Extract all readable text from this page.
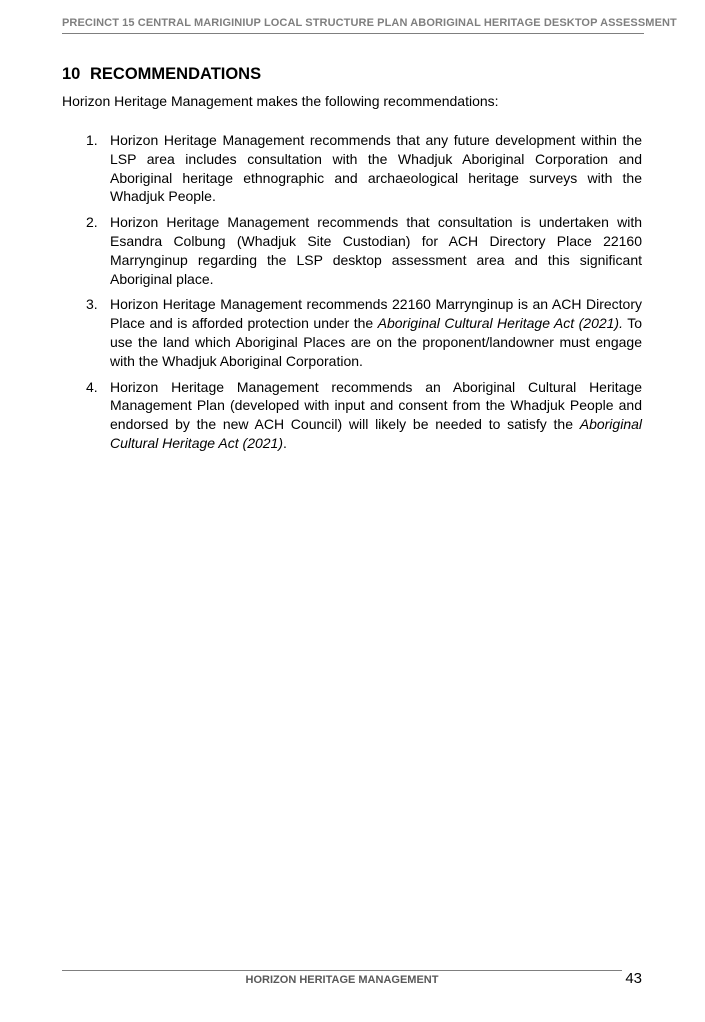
PRECINCT 15 CENTRAL MARIGINIUP LOCAL STRUCTURE PLAN ABORIGINAL HERITAGE DESKTOP ASSESSMENT
10 RECOMMENDATIONS
Horizon Heritage Management makes the following recommendations:
1. Horizon Heritage Management recommends that any future development within the LSP area includes consultation with the Whadjuk Aboriginal Corporation and Aboriginal heritage ethnographic and archaeological heritage surveys with the Whadjuk People.
2. Horizon Heritage Management recommends that consultation is undertaken with Esandra Colbung (Whadjuk Site Custodian) for ACH Directory Place 22160 Marrynginup regarding the LSP desktop assessment area and this significant Aboriginal place.
3. Horizon Heritage Management recommends 22160 Marrynginup is an ACH Directory Place and is afforded protection under the Aboriginal Cultural Heritage Act (2021). To use the land which Aboriginal Places are on the proponent/landowner must engage with the Whadjuk Aboriginal Corporation.
4. Horizon Heritage Management recommends an Aboriginal Cultural Heritage Management Plan (developed with input and consent from the Whadjuk People and endorsed by the new ACH Council) will likely be needed to satisfy the Aboriginal Cultural Heritage Act (2021).
HORIZON HERITAGE MANAGEMENT	43
